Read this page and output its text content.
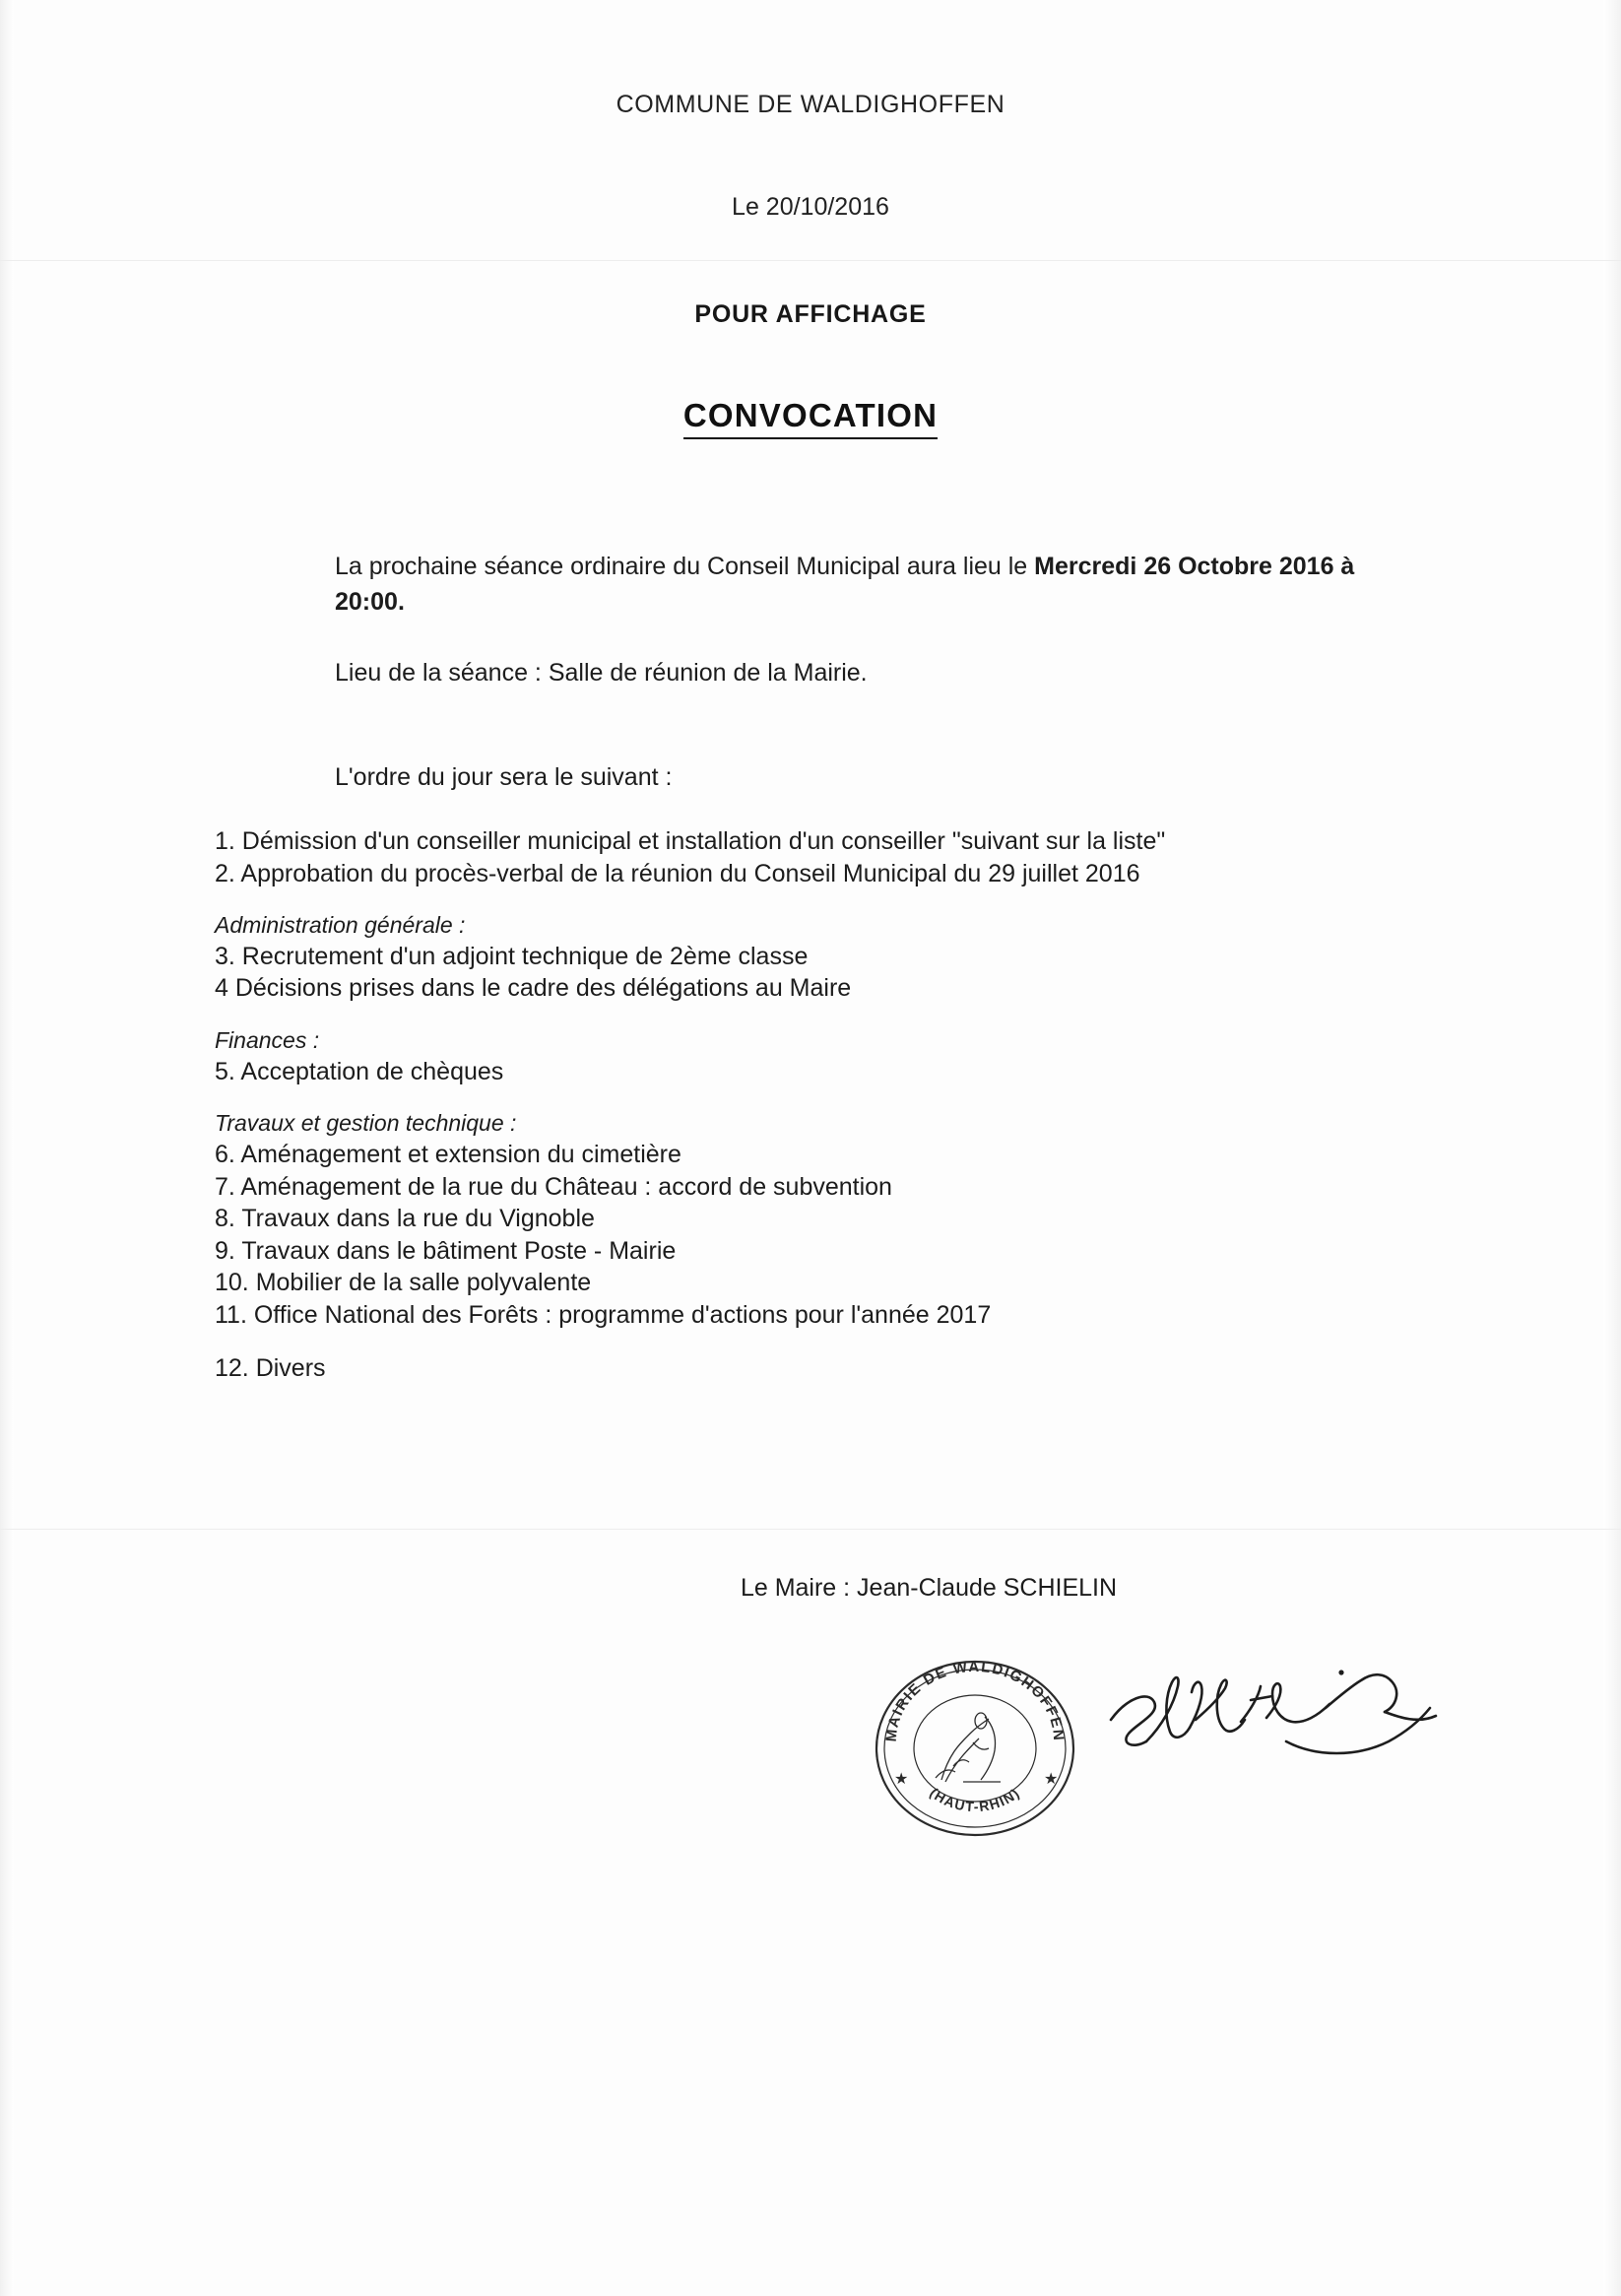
COMMUNE DE WALDIGHOFFEN
Le 20/10/2016
POUR AFFICHAGE
CONVOCATION
La prochaine séance ordinaire du Conseil Municipal aura lieu le Mercredi 26 Octobre 2016 à 20:00.
Lieu de la séance : Salle de réunion de la Mairie.
L'ordre du jour sera le suivant :
1. Démission d'un conseiller municipal et installation d'un conseiller "suivant sur la liste"
2. Approbation du procès-verbal de la réunion du Conseil Municipal du 29 juillet 2016
Administration générale :
3. Recrutement d'un adjoint technique de 2ème classe
4 Décisions prises dans le cadre des délégations au Maire
Finances :
5. Acceptation de chèques
Travaux et gestion technique :
6. Aménagement et extension du cimetière
7. Aménagement de la rue du Château : accord de subvention
8. Travaux dans la rue du Vignoble
9. Travaux dans le bâtiment Poste - Mairie
10. Mobilier de la salle polyvalente
11. Office National des Forêts : programme d'actions pour l'année 2017
12. Divers
Le Maire : Jean-Claude SCHIELIN
MAIRIE DE WALDIGHOFFEN
(HAUT-RHIN)
★	★
